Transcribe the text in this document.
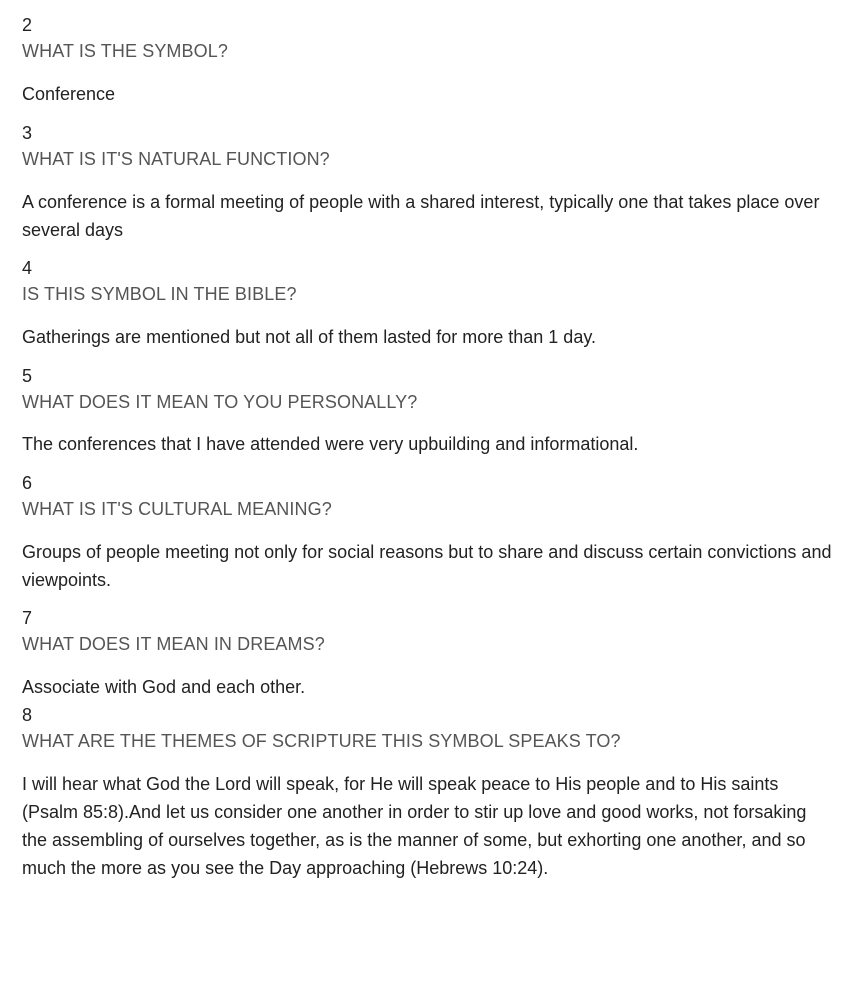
2
WHAT IS THE SYMBOL?
Conference
3
WHAT IS IT'S NATURAL FUNCTION?
A conference is a formal meeting of people with a shared interest, typically one that takes place over several days
4
IS THIS SYMBOL IN THE BIBLE?
Gatherings are mentioned but not all of them lasted for more than 1 day.
5
WHAT DOES IT MEAN TO YOU PERSONALLY?
The conferences that I have attended were very upbuilding and informational.
6
WHAT IS IT'S CULTURAL MEANING?
Groups of people meeting not only for social reasons but to share and discuss certain convictions and viewpoints.
7
WHAT DOES IT MEAN IN DREAMS?
Associate with God and each other.
8
WHAT ARE THE THEMES OF SCRIPTURE THIS SYMBOL SPEAKS TO?
I will hear what God the Lord will speak, for He will speak peace to His people and to His saints (Psalm 85:8).And let us consider one another in order to stir up love and good works, not forsaking the assembling of ourselves together, as is the manner of some, but exhorting one another, and so much the more as you see the Day approaching (Hebrews 10:24).
